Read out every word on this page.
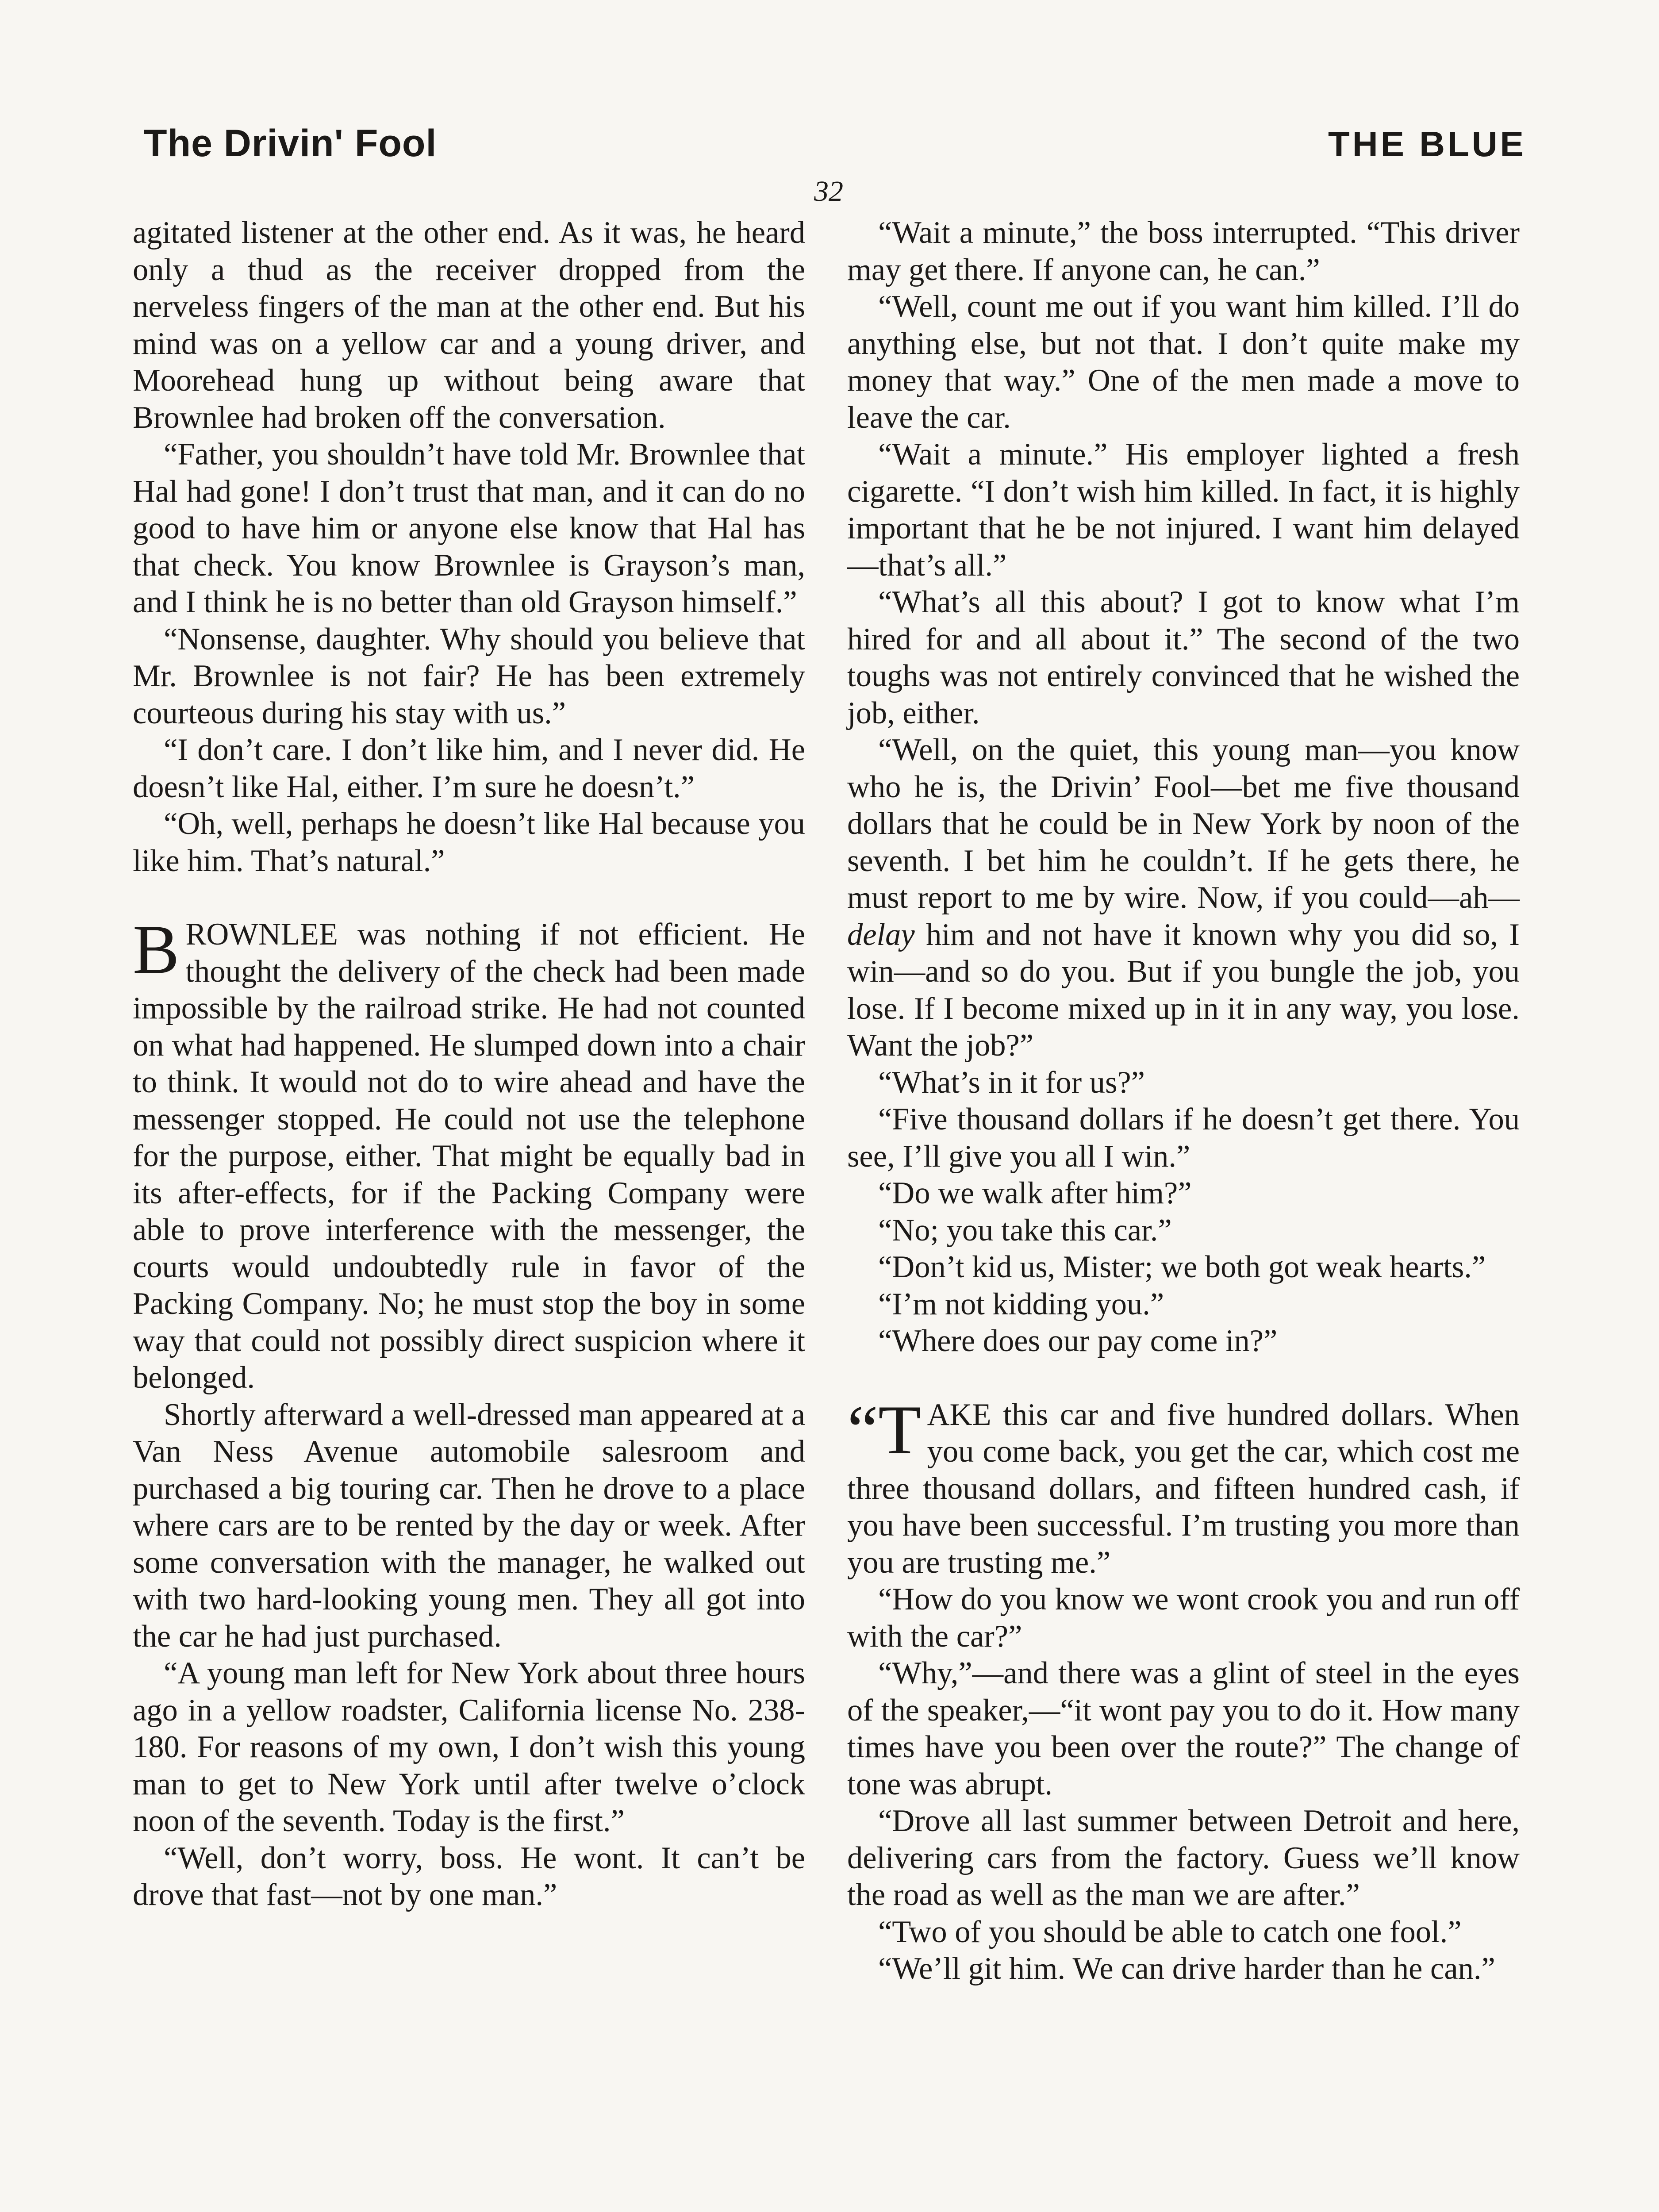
The Drivin' Fool	THE BLUE
32

agitated listener at the other end. As it was, he heard only a thud as the receiver dropped from the nerveless fingers of the man at the other end. But his mind was on a yellow car and a young driver, and Moorehead hung up without being aware that Brownlee had broken off the conversation.

“Father, you shouldn’t have told Mr. Brownlee that Hal had gone! I don’t trust that man, and it can do no good to have him or anyone else know that Hal has that check. You know Brownlee is Grayson’s man, and I think he is no better than old Grayson himself.”

“Nonsense, daughter. Why should you believe that Mr. Brownlee is not fair? He has been extremely courteous during his stay with us.”

“I don’t care. I don’t like him, and I never did. He doesn’t like Hal, either. I’m sure he doesn’t.”

“Oh, well, perhaps he doesn’t like Hal because you like him. That’s natural.”

BROWNLEE was nothing if not efficient. He thought the delivery of the check had been made impossible by the railroad strike. He had not counted on what had happened. He slumped down into a chair to think. It would not do to wire ahead and have the messenger stopped. He could not use the telephone for the purpose, either. That might be equally bad in its after-effects, for if the Packing Company were able to prove interference with the messenger, the courts would undoubtedly rule in favor of the Packing Company. No; he must stop the boy in some way that could not possibly direct suspicion where it belonged.

Shortly afterward a well-dressed man appeared at a Van Ness Avenue automobile salesroom and purchased a big touring car. Then he drove to a place where cars are to be rented by the day or week. After some conversation with the manager, he walked out with two hard-looking young men. They all got into the car he had just purchased.

“A young man left for New York about three hours ago in a yellow roadster, California license No. 238-180. For reasons of my own, I don’t wish this young man to get to New York until after twelve o’clock noon of the seventh. Today is the first.”

“Well, don’t worry, boss. He wont. It can’t be drove that fast—not by one man.”

“Wait a minute,” the boss interrupted. “This driver may get there. If anyone can, he can.”

“Well, count me out if you want him killed. I’ll do anything else, but not that. I don’t quite make my money that way.” One of the men made a move to leave the car.

“Wait a minute.” His employer lighted a fresh cigarette. “I don’t wish him killed. In fact, it is highly important that he be not injured. I want him delayed—that’s all.”

“What’s all this about? I got to know what I’m hired for and all about it.” The second of the two toughs was not entirely convinced that he wished the job, either.

“Well, on the quiet, this young man—you know who he is, the Drivin’ Fool—bet me five thousand dollars that he could be in New York by noon of the seventh. I bet him he couldn’t. If he gets there, he must report to me by wire. Now, if you could—ah—delay him and not have it known why you did so, I win—and so do you. But if you bungle the job, you lose. If I become mixed up in it in any way, you lose. Want the job?”

“What’s in it for us?”

“Five thousand dollars if he doesn’t get there. You see, I’ll give you all I win.”

“Do we walk after him?”

“No; you take this car.”

“Don’t kid us, Mister; we both got weak hearts.”

“I’m not kidding you.”

“Where does our pay come in?”

“TAKE this car and five hundred dollars. When you come back, you get the car, which cost me three thousand dollars, and fifteen hundred cash, if you have been successful. I’m trusting you more than you are trusting me.”

“How do you know we wont crook you and run off with the car?”

“Why,”—and there was a glint of steel in the eyes of the speaker,—“it wont pay you to do it. How many times have you been over the route?” The change of tone was abrupt.

“Drove all last summer between Detroit and here, delivering cars from the factory. Guess we’ll know the road as well as the man we are after.”

“Two of you should be able to catch one fool.”

“We’ll git him. We can drive harder than he can.”
